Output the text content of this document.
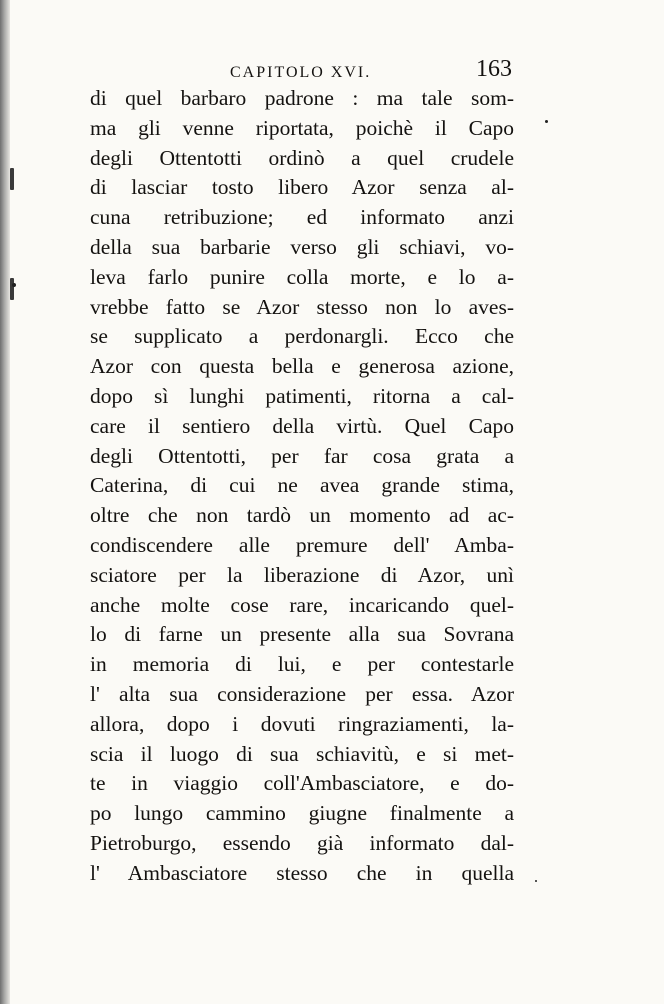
CAPITOLO XVI.	163
di quel barbaro padrone : ma tale som-
ma gli venne riportata, poichè il Capo
degli Ottentotti ordinò a quel crudele
di lasciar tosto libero Azor senza al-
cuna retribuzione; ed informato anzi
della sua barbarie verso gli schiavi, vo-
leva farlo punire colla morte, e lo a-
vrebbe fatto se Azor stesso non lo aves-
se supplicato a perdonargli. Ecco che
Azor con questa bella e generosa azione,
dopo sì lunghi patimenti, ritorna a cal-
care il sentiero della virtù. Quel Capo
degli Ottentotti, per far cosa grata a
Caterina, di cui ne avea grande stima,
oltre che non tardò un momento ad ac-
condiscendere alle premure dell' Amba-
sciatore per la liberazione di Azor, unì
anche molte cose rare, incaricando quel-
lo di farne un presente alla sua Sovrana
in memoria di lui, e per contestarle
l' alta sua considerazione per essa. Azor
allora, dopo i dovuti ringraziamenti, la-
scia il luogo di sua schiavitù, e si met-
te in viaggio coll'Ambasciatore, e do-
po lungo cammino giugne finalmente a
Pietroburgo, essendo già informato dal-
l' Ambasciatore stesso che in quella
